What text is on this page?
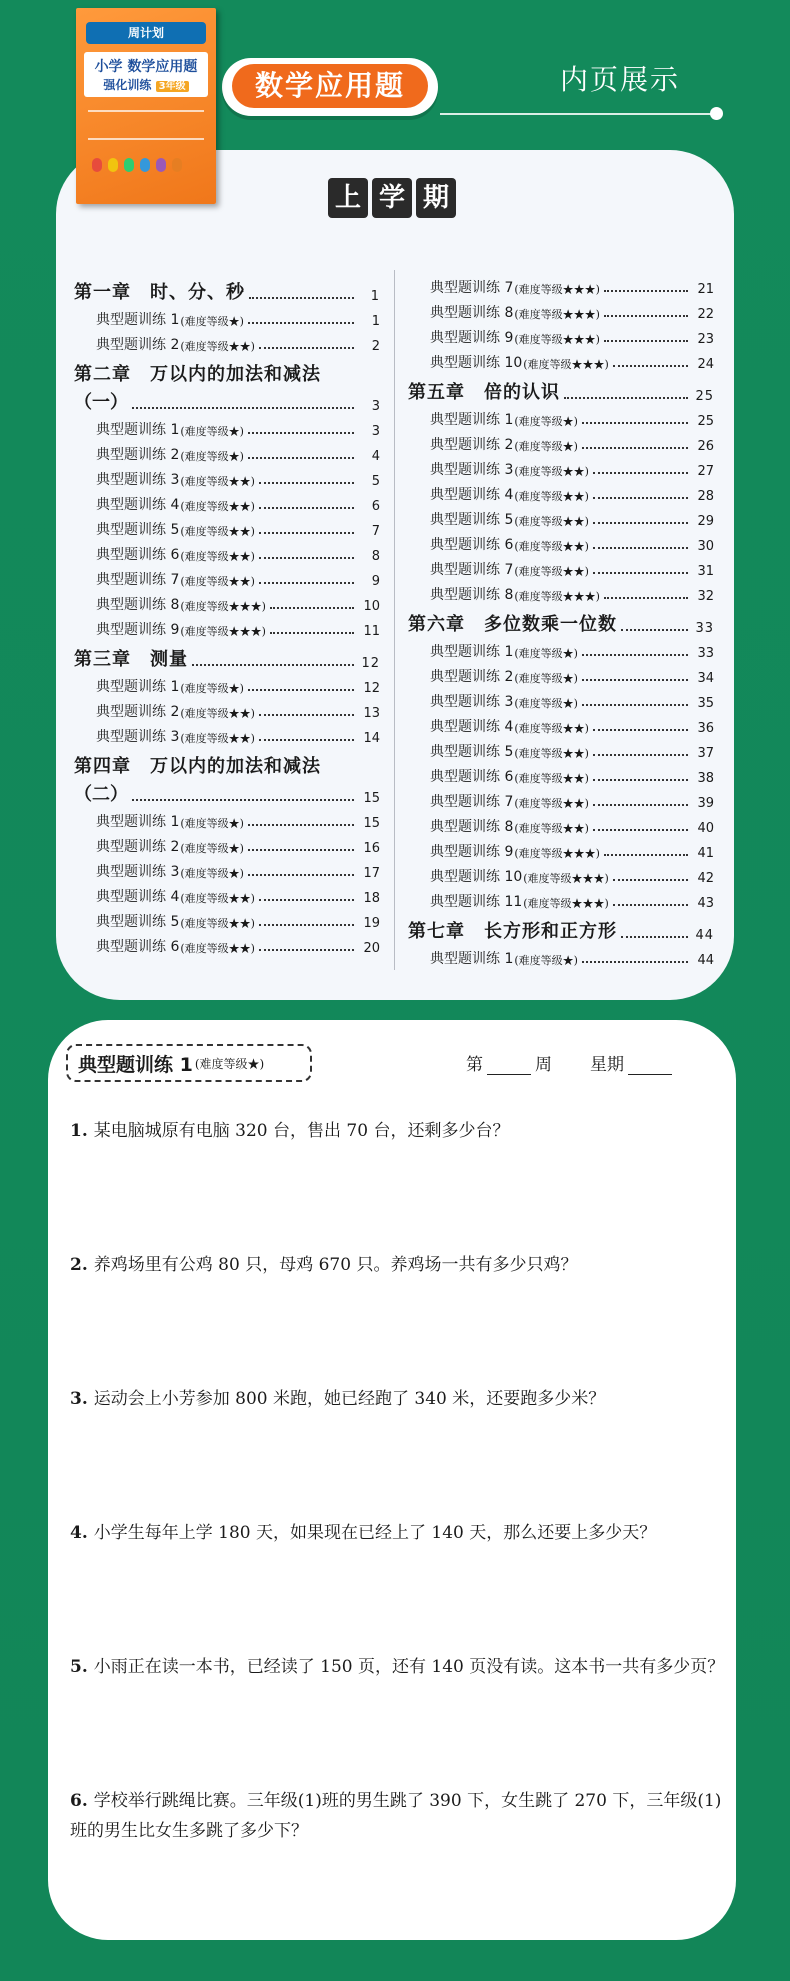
周计划
小学 数学应用题
强化训练 3年级	数学应用题	内页展示
上 学 期
第一章　时、分、秒	1
典型题训练 1 (难度等级★)	1
典型题训练 2 (难度等级★★)	2
第二章　万以内的加法和减法
（一）	3
典型题训练 1 (难度等级★)	3
典型题训练 2 (难度等级★)	4
典型题训练 3 (难度等级★★)	5
典型题训练 4 (难度等级★★)	6
典型题训练 5 (难度等级★★)	7
典型题训练 6 (难度等级★★)	8
典型题训练 7 (难度等级★★)	9
典型题训练 8 (难度等级★★★)	10
典型题训练 9 (难度等级★★★)	11
第三章　测量	12
典型题训练 1 (难度等级★)	12
典型题训练 2 (难度等级★★)	13
典型题训练 3 (难度等级★★)	14
第四章　万以内的加法和减法
（二）	15
典型题训练 1 (难度等级★)	15
典型题训练 2 (难度等级★)	16
典型题训练 3 (难度等级★)	17
典型题训练 4 (难度等级★★)	18
典型题训练 5 (难度等级★★)	19
典型题训练 6 (难度等级★★)	20
典型题训练 7 (难度等级★★★)	21
典型题训练 8 (难度等级★★★)	22
典型题训练 9 (难度等级★★★)	23
典型题训练 10 (难度等级★★★)	24
第五章　倍的认识	25
典型题训练 1 (难度等级★)	25
典型题训练 2 (难度等级★)	26
典型题训练 3 (难度等级★★)	27
典型题训练 4 (难度等级★★)	28
典型题训练 5 (难度等级★★)	29
典型题训练 6 (难度等级★★)	30
典型题训练 7 (难度等级★★)	31
典型题训练 8 (难度等级★★★)	32
第六章　多位数乘一位数	33
典型题训练 1 (难度等级★)	33
典型题训练 2 (难度等级★)	34
典型题训练 3 (难度等级★)	35
典型题训练 4 (难度等级★★)	36
典型题训练 5 (难度等级★★)	37
典型题训练 6 (难度等级★★)	38
典型题训练 7 (难度等级★★)	39
典型题训练 8 (难度等级★★)	40
典型题训练 9 (难度等级★★★)	41
典型题训练 10 (难度等级★★★)	42
典型题训练 11 (难度等级★★★)	43
第七章　长方形和正方形	44
典型题训练 1 (难度等级★)	44
典型题训练 1 (难度等级★)	第	周 星期
1. 某电脑城原有电脑 320 台，售出 70 台，还剩多少台？
2. 养鸡场里有公鸡 80 只，母鸡 670 只。养鸡场一共有多少只鸡？
3. 运动会上小芳参加 800 米跑，她已经跑了 340 米，还要跑多少米？
4. 小学生每年上学 180 天，如果现在已经上了 140 天，那么还要上多少天？
5. 小雨正在读一本书，已经读了 150 页，还有 140 页没有读。这本书一共有多少页？
6. 学校举行跳绳比赛。三年级(1)班的男生跳了 390 下，女生跳了 270 下，三年级(1)班的男生比女生多跳了多少下？
